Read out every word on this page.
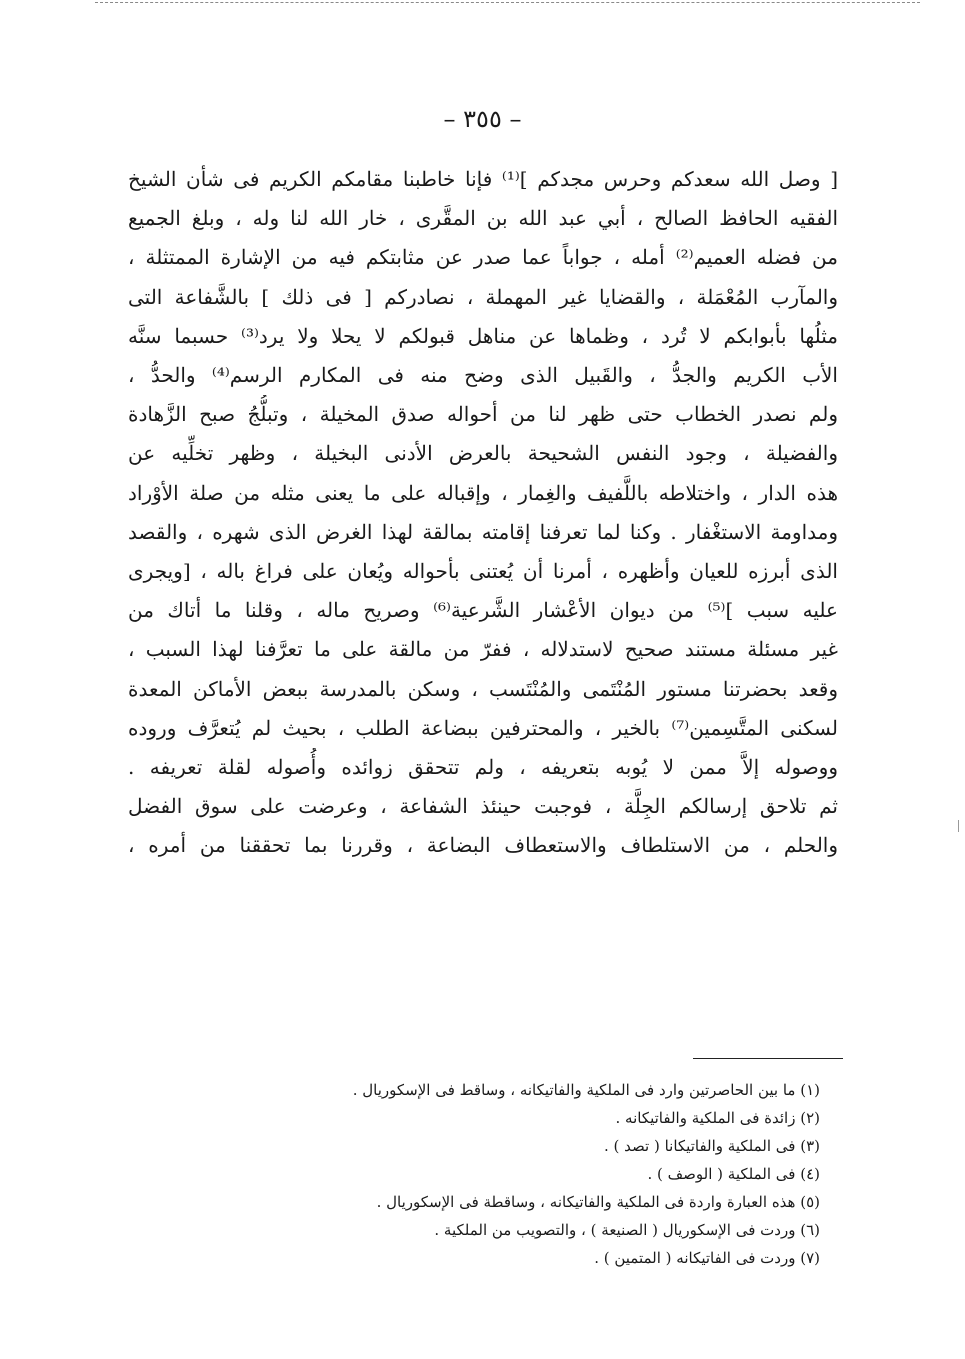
– ٣٥٥ –
[ وصل الله سعدكم وحرس مجدكم ]⁽¹⁾ فإنا خاطبنا مقامكم الكريم فى شأن الشيخ
الفقيه الحافظ الصالح ، أبي عبد الله بن المقَّرى ، خار الله لنا وله ، وبلغ الجميع
من فضله العميم⁽²⁾ أمله ، جواباً عما صدر عن مثابتكم فيه من الإشارة الممتثلة ،
والمآرب المُعْمَلة ، والقضايا غير المهملة ، نصادركم [ فى ذلك ] بالشَّفاعة التى
مثلُها بأبوابكم لا تُرد ، وظماها عن مناهل قبولكم لا يحلا ولا يرد⁽³⁾ حسبما سنَّه
الأب الكريم والجدُّ ، والقَبيل الذى وضح منه فى المكارم الرسم⁽⁴⁾ والحدُّ ،
ولم نصدر الخطاب حتى ظهر لنا من أحواله صدق المخيلة ، وتبلُّجُ صبح الزَّهادة
والفضيلة ، وجود النفس الشحيحة بالعرض الأدنى البخيلة ، وظهر تخلِّيه عن
هذه الدار ، واختلاطه باللَّفيف والغِمار ، وإقباله على ما يعنى مثله من صلة الأوْراد
ومداومة الاستغْفار . وكنا لما تعرفنا إقامته بمالقة لهذا الغرض الذى شهره ، والقصد
الذى أبرزه للعيان وأظهره ، أمرنا أن يُعتنى بأحواله ويُعان على فراغ باله ، [ويجرى
عليه سبب ]⁽⁵⁾ من ديوان الأعْشار الشَّرعية⁽⁶⁾ وصريح ماله ، وقلنا ما أتاك من
غير مسئلة مستند صحيح لاستدلاله ، ففرّ من مالقة على ما تعرَّفنا لهذا السبب ،
وقعد بحضرتنا مستور المُنْتَمى والمُنْتَسب ، وسكن بالمدرسة ببعض الأماكن المعدة
لسكنى المتَّسِمين⁽⁷⁾ بالخير ، والمحترفين ببضاعة الطلب ، بحيث لم يُتعرَّف وروده
ووصوله إلاَّ ممن لا يُوبه بتعريفه ، ولم تتحقق زوائده وأُصوله لقلة تعريفه .
ثم تلاحق إرسالكم الجِلَّة ، فوجبت حينئذ الشفاعة ، وعرضت على سوق الفضل
والحلم ، من الاستلطاف والاستعطاف البضاعة ، وقررنا بما تحققنا من أمره ،
(١) ما بين الحاصرتين وارد فى الملكية والفاتيكانه ، وساقط فى الإسكوريال .
(٢) زائدة فى الملكية والفاتيكانه .
(٣) فى الملكية والفاتيكانا ( تصد ) .
(٤) فى الملكية ( الوصف ) .
(٥) هذه العبارة واردة فى الملكية والفاتيكانه ، وساقطة فى الإسكوريال .
(٦) وردت فى الإسكوريال ( الصنيعة ) ، والتصويب من الملكية .
(٧) وردت فى الفاتيكانه ( المتمين ) .
